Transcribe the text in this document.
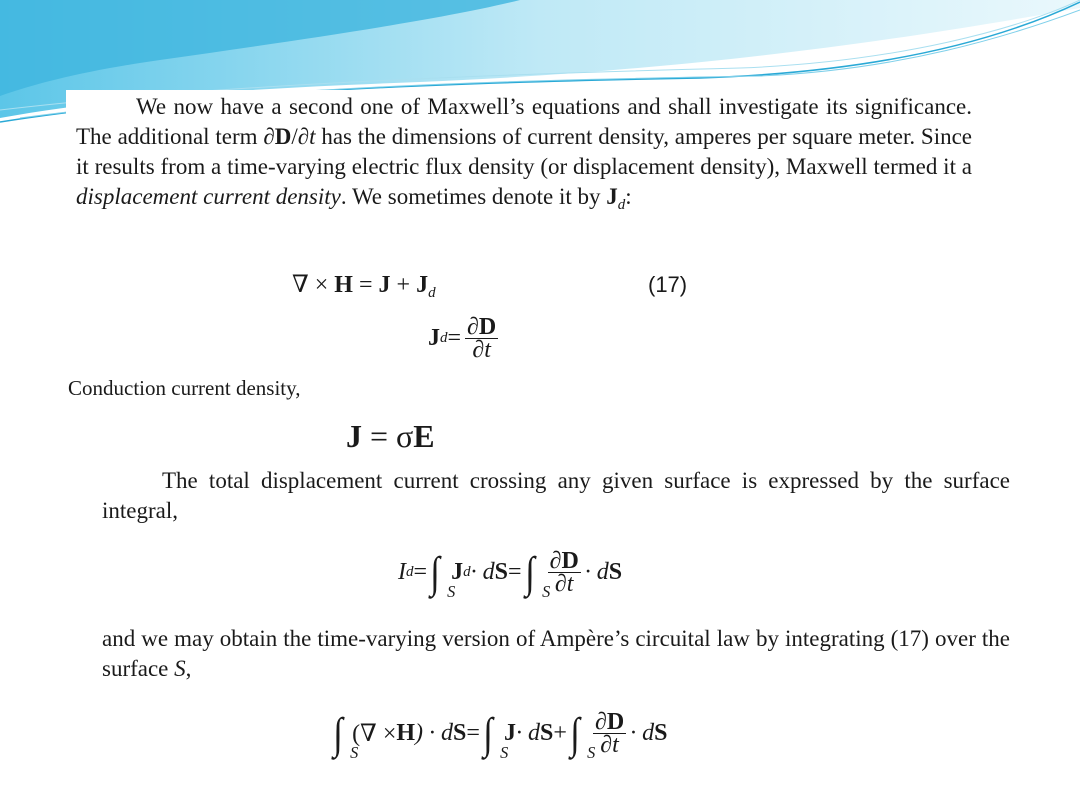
We now have a second one of Maxwell’s equations and shall investigate its significance. The additional term ∂D/∂t has the dimensions of current density, amperes per square meter. Since it results from a time-varying electric flux density (or displacement density), Maxwell termed it a displacement current density. We sometimes denote it by $J_d$:
∇ × $H = J + J_d$	(17)
J $d = \frac{\partial D}{\partial t}$
Conduction current density,
J = σE
The total displacement current crossing any given surface is expressed by the surface integral,
I d = ∫ S
J d · d S = ∫ S
$\frac{\partial D}{\partial t} \cdot d$ S
and we may obtain the time-varying version of Ampère’s circuital law by integrating (17) over the surface S,
∫ S
(∇ × H ) · d S = ∫ S
J · d S + ∫ S
$\frac{\partial D}{\partial t} \cdot d$ S
